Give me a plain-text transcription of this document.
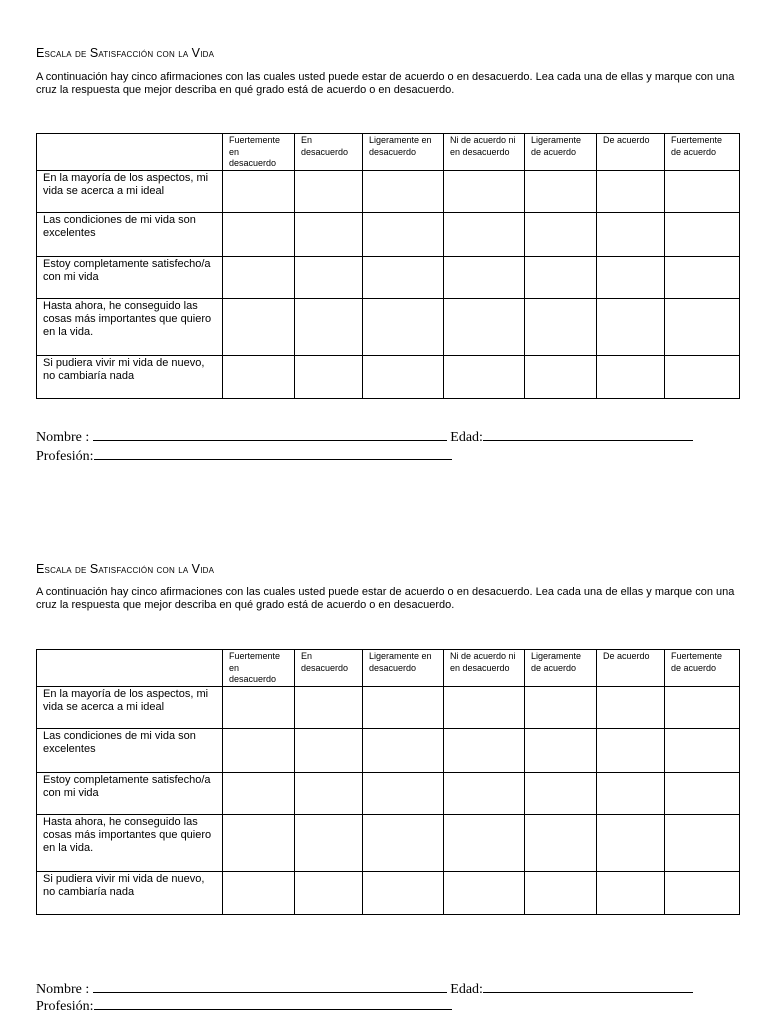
Escala de Satisfacción con la Vida

A continuación hay cinco afirmaciones con las cuales usted puede estar de acuerdo o en desacuerdo. Lea cada una de ellas y marque con una cruz la respuesta que mejor describa en qué grado está de acuerdo o en desacuerdo.

	Fuertemente en desacuerdo	En desacuerdo	Ligeramente en desacuerdo	Ni de acuerdo ni en desacuerdo	Ligeramente de acuerdo	De acuerdo	Fuertemente de acuerdo
En la mayoría de los aspectos, mi vida se acerca a mi ideal							
Las condiciones de mi vida son excelentes							
Estoy completamente satisfecho/a con mi vida							
Hasta ahora, he conseguido las cosas más importantes que quiero en la vida.							
Si pudiera vivir mi vida de nuevo, no cambiaría nada							
Nombre :	Edad:
Profesión:
Escala de Satisfacción con la Vida

A continuación hay cinco afirmaciones con las cuales usted puede estar de acuerdo o en desacuerdo. Lea cada una de ellas y marque con una cruz la respuesta que mejor describa en qué grado está de acuerdo o en desacuerdo.

	Fuertemente en desacuerdo	En desacuerdo	Ligeramente en desacuerdo	Ni de acuerdo ni en desacuerdo	Ligeramente de acuerdo	De acuerdo	Fuertemente de acuerdo
En la mayoría de los aspectos, mi vida se acerca a mi ideal							
Las condiciones de mi vida son excelentes							
Estoy completamente satisfecho/a con mi vida							
Hasta ahora, he conseguido las cosas más importantes que quiero en la vida.							
Si pudiera vivir mi vida de nuevo, no cambiaría nada							
Nombre :	Edad:
Profesión:
